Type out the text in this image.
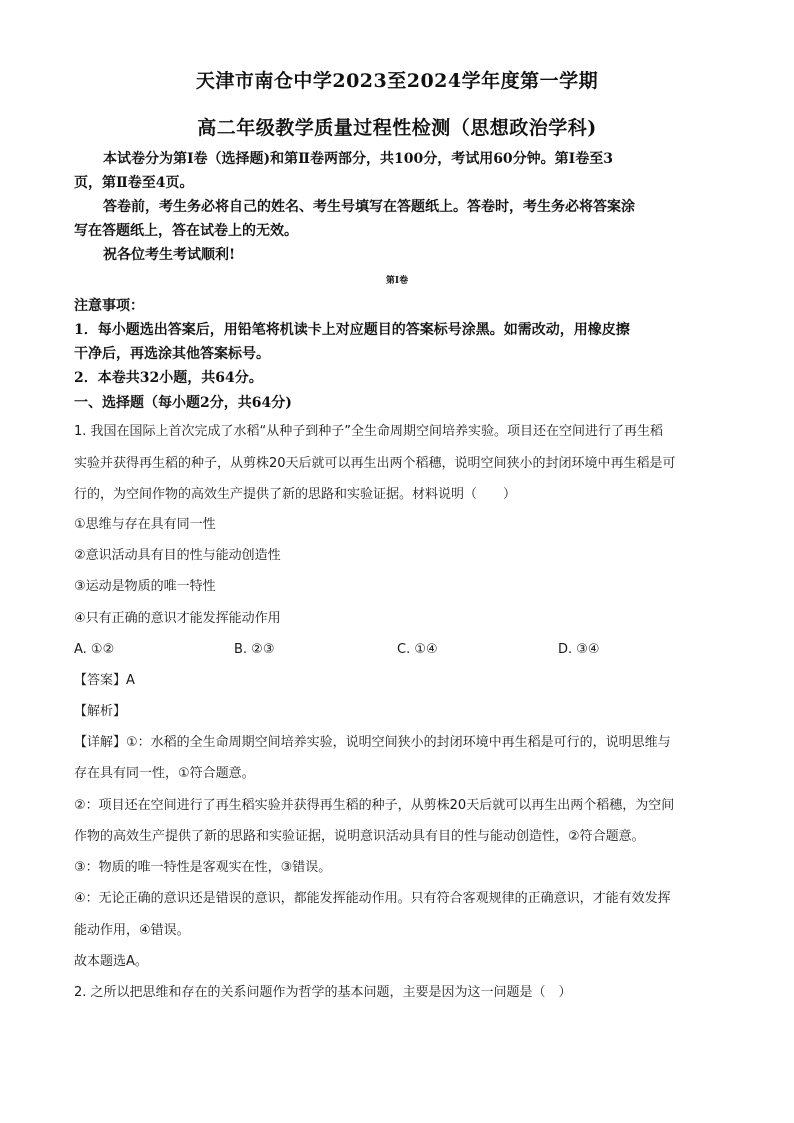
天津市南仓中学2023至2024学年度第一学期
高二年级教学质量过程性检测（思想政治学科)
本试卷分为第Ⅰ卷（选择题)和第Ⅱ卷两部分，共100分，考试用60分钟。第Ⅰ卷至3
页，第Ⅱ卷至4页。
答卷前，考生务必将自己的姓名、考生号填写在答题纸上。答卷时，考生务必将答案涂
写在答题纸上，答在试卷上的无效。
祝各位考生考试顺利!
第Ⅰ卷
注意事项：
1．每小题选出答案后，用铅笔将机读卡上对应题目的答案标号涂黑。如需改动，用橡皮擦
干净后，再选涂其他答案标号。
2．本卷共32小题，共64分。
一、选择题（每小题2分，共64分)
1. 我国在国际上首次完成了水稻“从种子到种子”全生命周期空间培养实验。项目还在空间进行了再生稻
实验并获得再生稻的种子，从剪株20天后就可以再生出两个稻穗，说明空间狭小的封闭环境中再生稻是可
行的，为空间作物的高效生产提供了新的思路和实验证据。材料说明（　　）
①思维与存在具有同一性
②意识活动具有目的性与能动创造性
③运动是物质的唯一特性
④只有正确的意识才能发挥能动作用
A. ①②	B. ②③	C. ①④	D. ③④
【答案】A
【解析】
【详解】①：水稻的全生命周期空间培养实验，说明空间狭小的封闭环境中再生稻是可行的，说明思维与
存在具有同一性，①符合题意。
②：项目还在空间进行了再生稻实验并获得再生稻的种子，从剪株20天后就可以再生出两个稻穗，为空间
作物的高效生产提供了新的思路和实验证据，说明意识活动具有目的性与能动创造性，②符合题意。
③：物质的唯一特性是客观实在性，③错误。
④：无论正确的意识还是错误的意识，都能发挥能动作用。只有符合客观规律的正确意识，才能有效发挥
能动作用，④错误。
故本题选A。
2. 之所以把思维和存在的关系问题作为哲学的基本问题，主要是因为这一问题是（　）
